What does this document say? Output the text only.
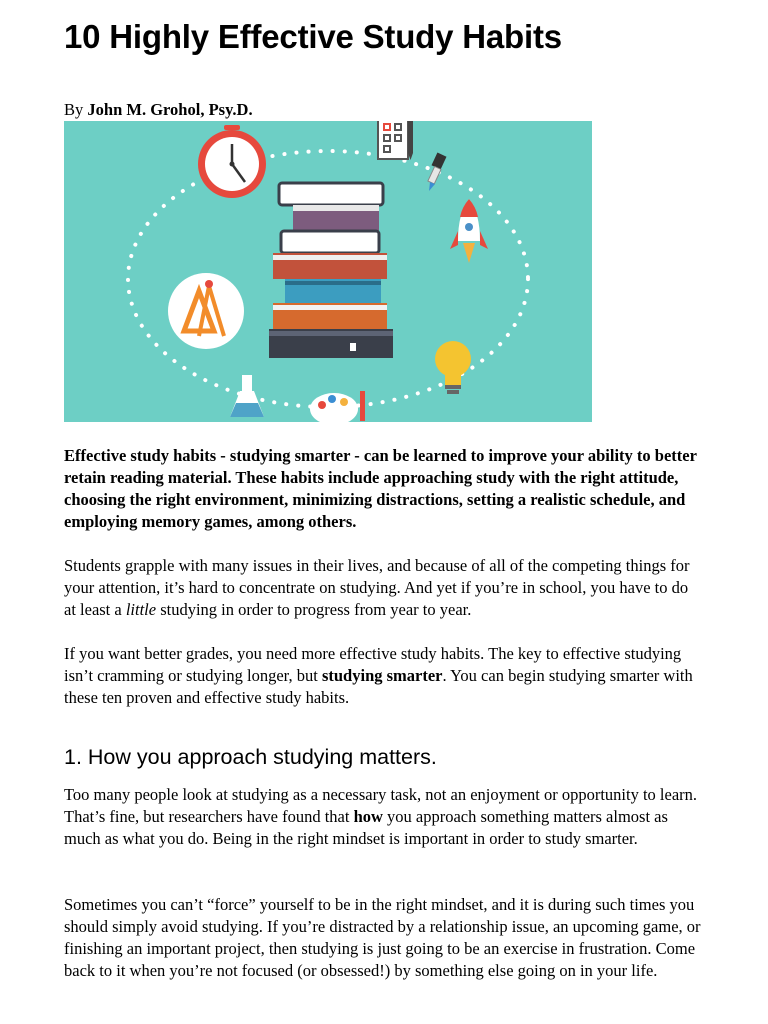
10 Highly Effective Study Habits
By John M. Grohol, Psy.D.

Effective study habits - studying smarter - can be learned to improve your ability to better retain reading material. These habits include approaching study with the right attitude, choosing the right environment, minimizing distractions, setting a realistic schedule, and employing memory games, among others.

Students grapple with many issues in their lives, and because of all of the competing things for your attention, it’s hard to concentrate on studying. And yet if you’re in school, you have to do at least a little studying in order to progress from year to year.

If you want better grades, you need more effective study habits. The key to effective studying isn’t cramming or studying longer, but studying smarter. You can begin studying smarter with these ten proven and effective study habits.

1. How you approach studying matters.

Too many people look at studying as a necessary task, not an enjoyment or opportunity to learn. That’s fine, but researchers have found that how you approach something matters almost as much as what you do. Being in the right mindset is important in order to study smarter.

Sometimes you can’t “force” yourself to be in the right mindset, and it is during such times you should simply avoid studying. If you’re distracted by a relationship issue, an upcoming game, or finishing an important project, then studying is just going to be an exercise in frustration. Come back to it when you’re not focused (or obsessed!) by something else going on in your life.
